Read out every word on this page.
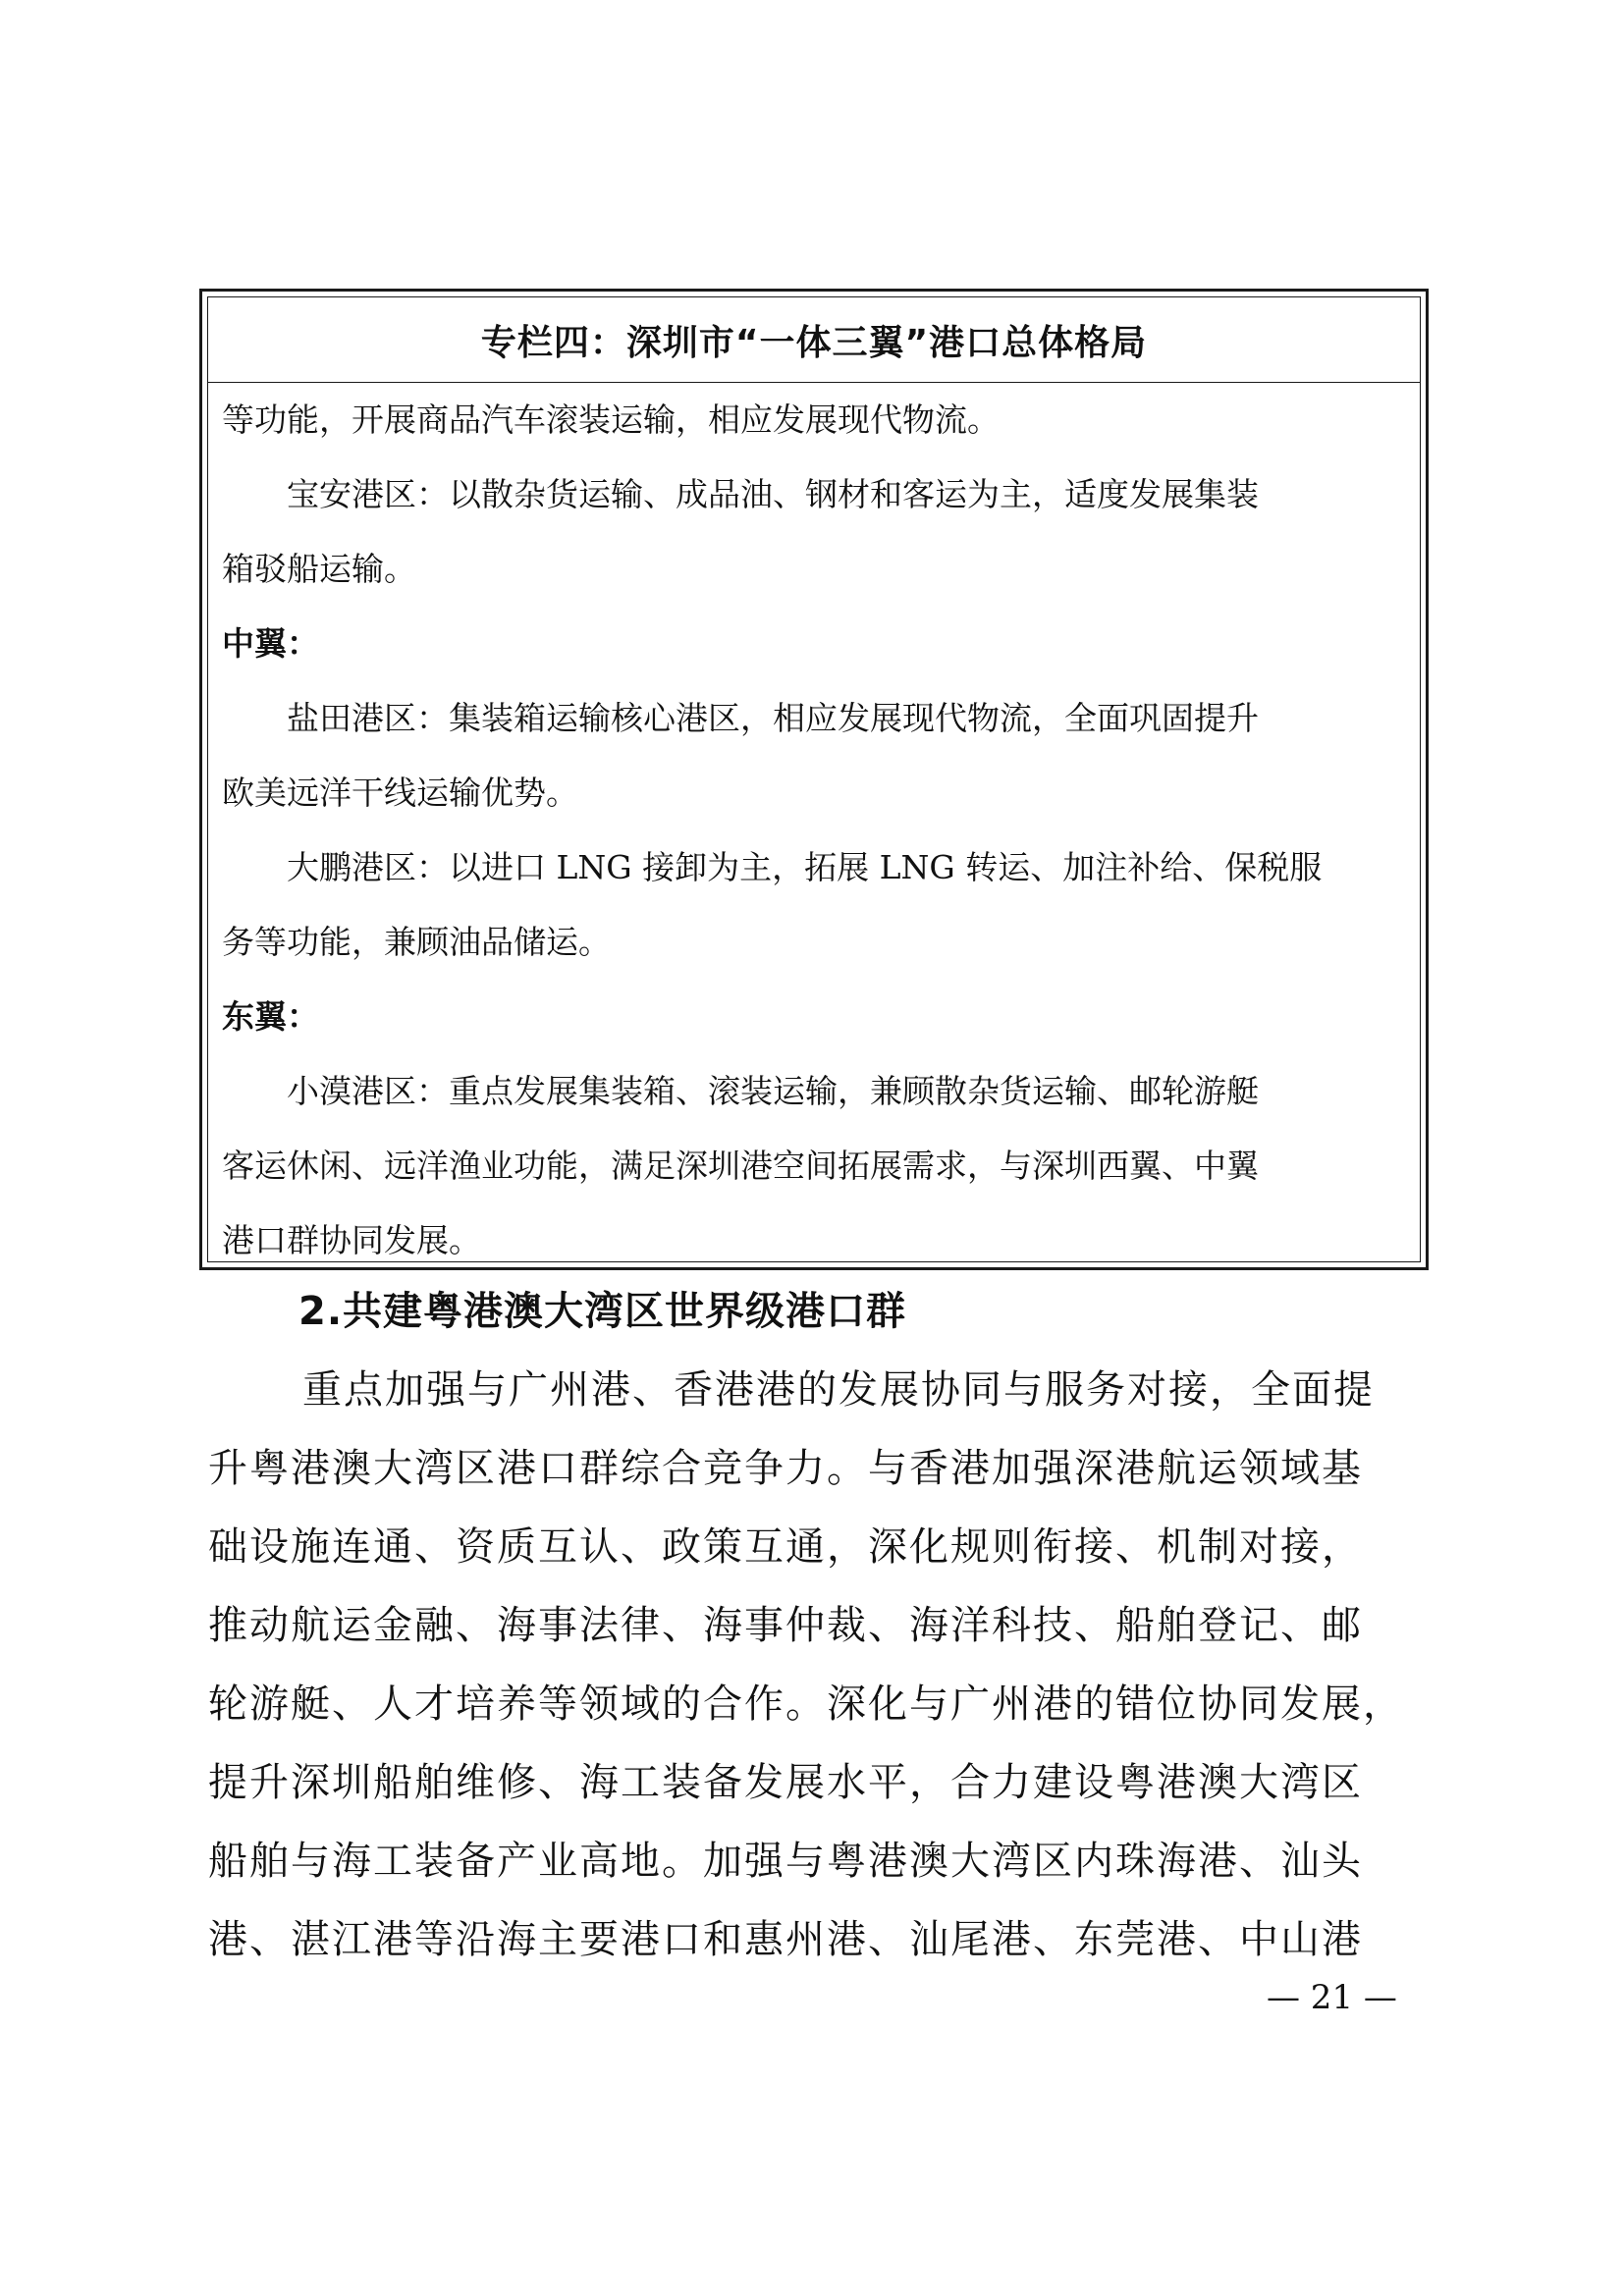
专栏四：深圳市“一体三翼”港口总体格局
等功能，开展商品汽车滚装运输，相应发展现代物流。
宝安港区：以散杂货运输、成品油、钢材和客运为主，适度发展集装
箱驳船运输。
中翼：
盐田港区：集装箱运输核心港区，相应发展现代物流，全面巩固提升
欧美远洋干线运输优势。
大鹏港区：以进口 LNG 接卸为主，拓展 LNG 转运、加注补给、保税服
务等功能，兼顾油品储运。
东翼：
小漠港区：重点发展集装箱、滚装运输，兼顾散杂货运输、邮轮游艇
客运休闲、远洋渔业功能，满足深圳港空间拓展需求，与深圳西翼、中翼
港口群协同发展。
2.共建粤港澳大湾区世界级港口群
重点加强与广州港、香港港的发展协同与服务对接，全面提
升粤港澳大湾区港口群综合竞争力。与香港加强深港航运领域基
础设施连通、资质互认、政策互通，深化规则衔接、机制对接，
推动航运金融、海事法律、海事仲裁、海洋科技、船舶登记、邮
轮游艇、人才培养等领域的合作。深化与广州港的错位协同发展，
提升深圳船舶维修、海工装备发展水平，合力建设粤港澳大湾区
船舶与海工装备产业高地。加强与粤港澳大湾区内珠海港、汕头
港、湛江港等沿海主要港口和惠州港、汕尾港、东莞港、中山港
— 21 —
